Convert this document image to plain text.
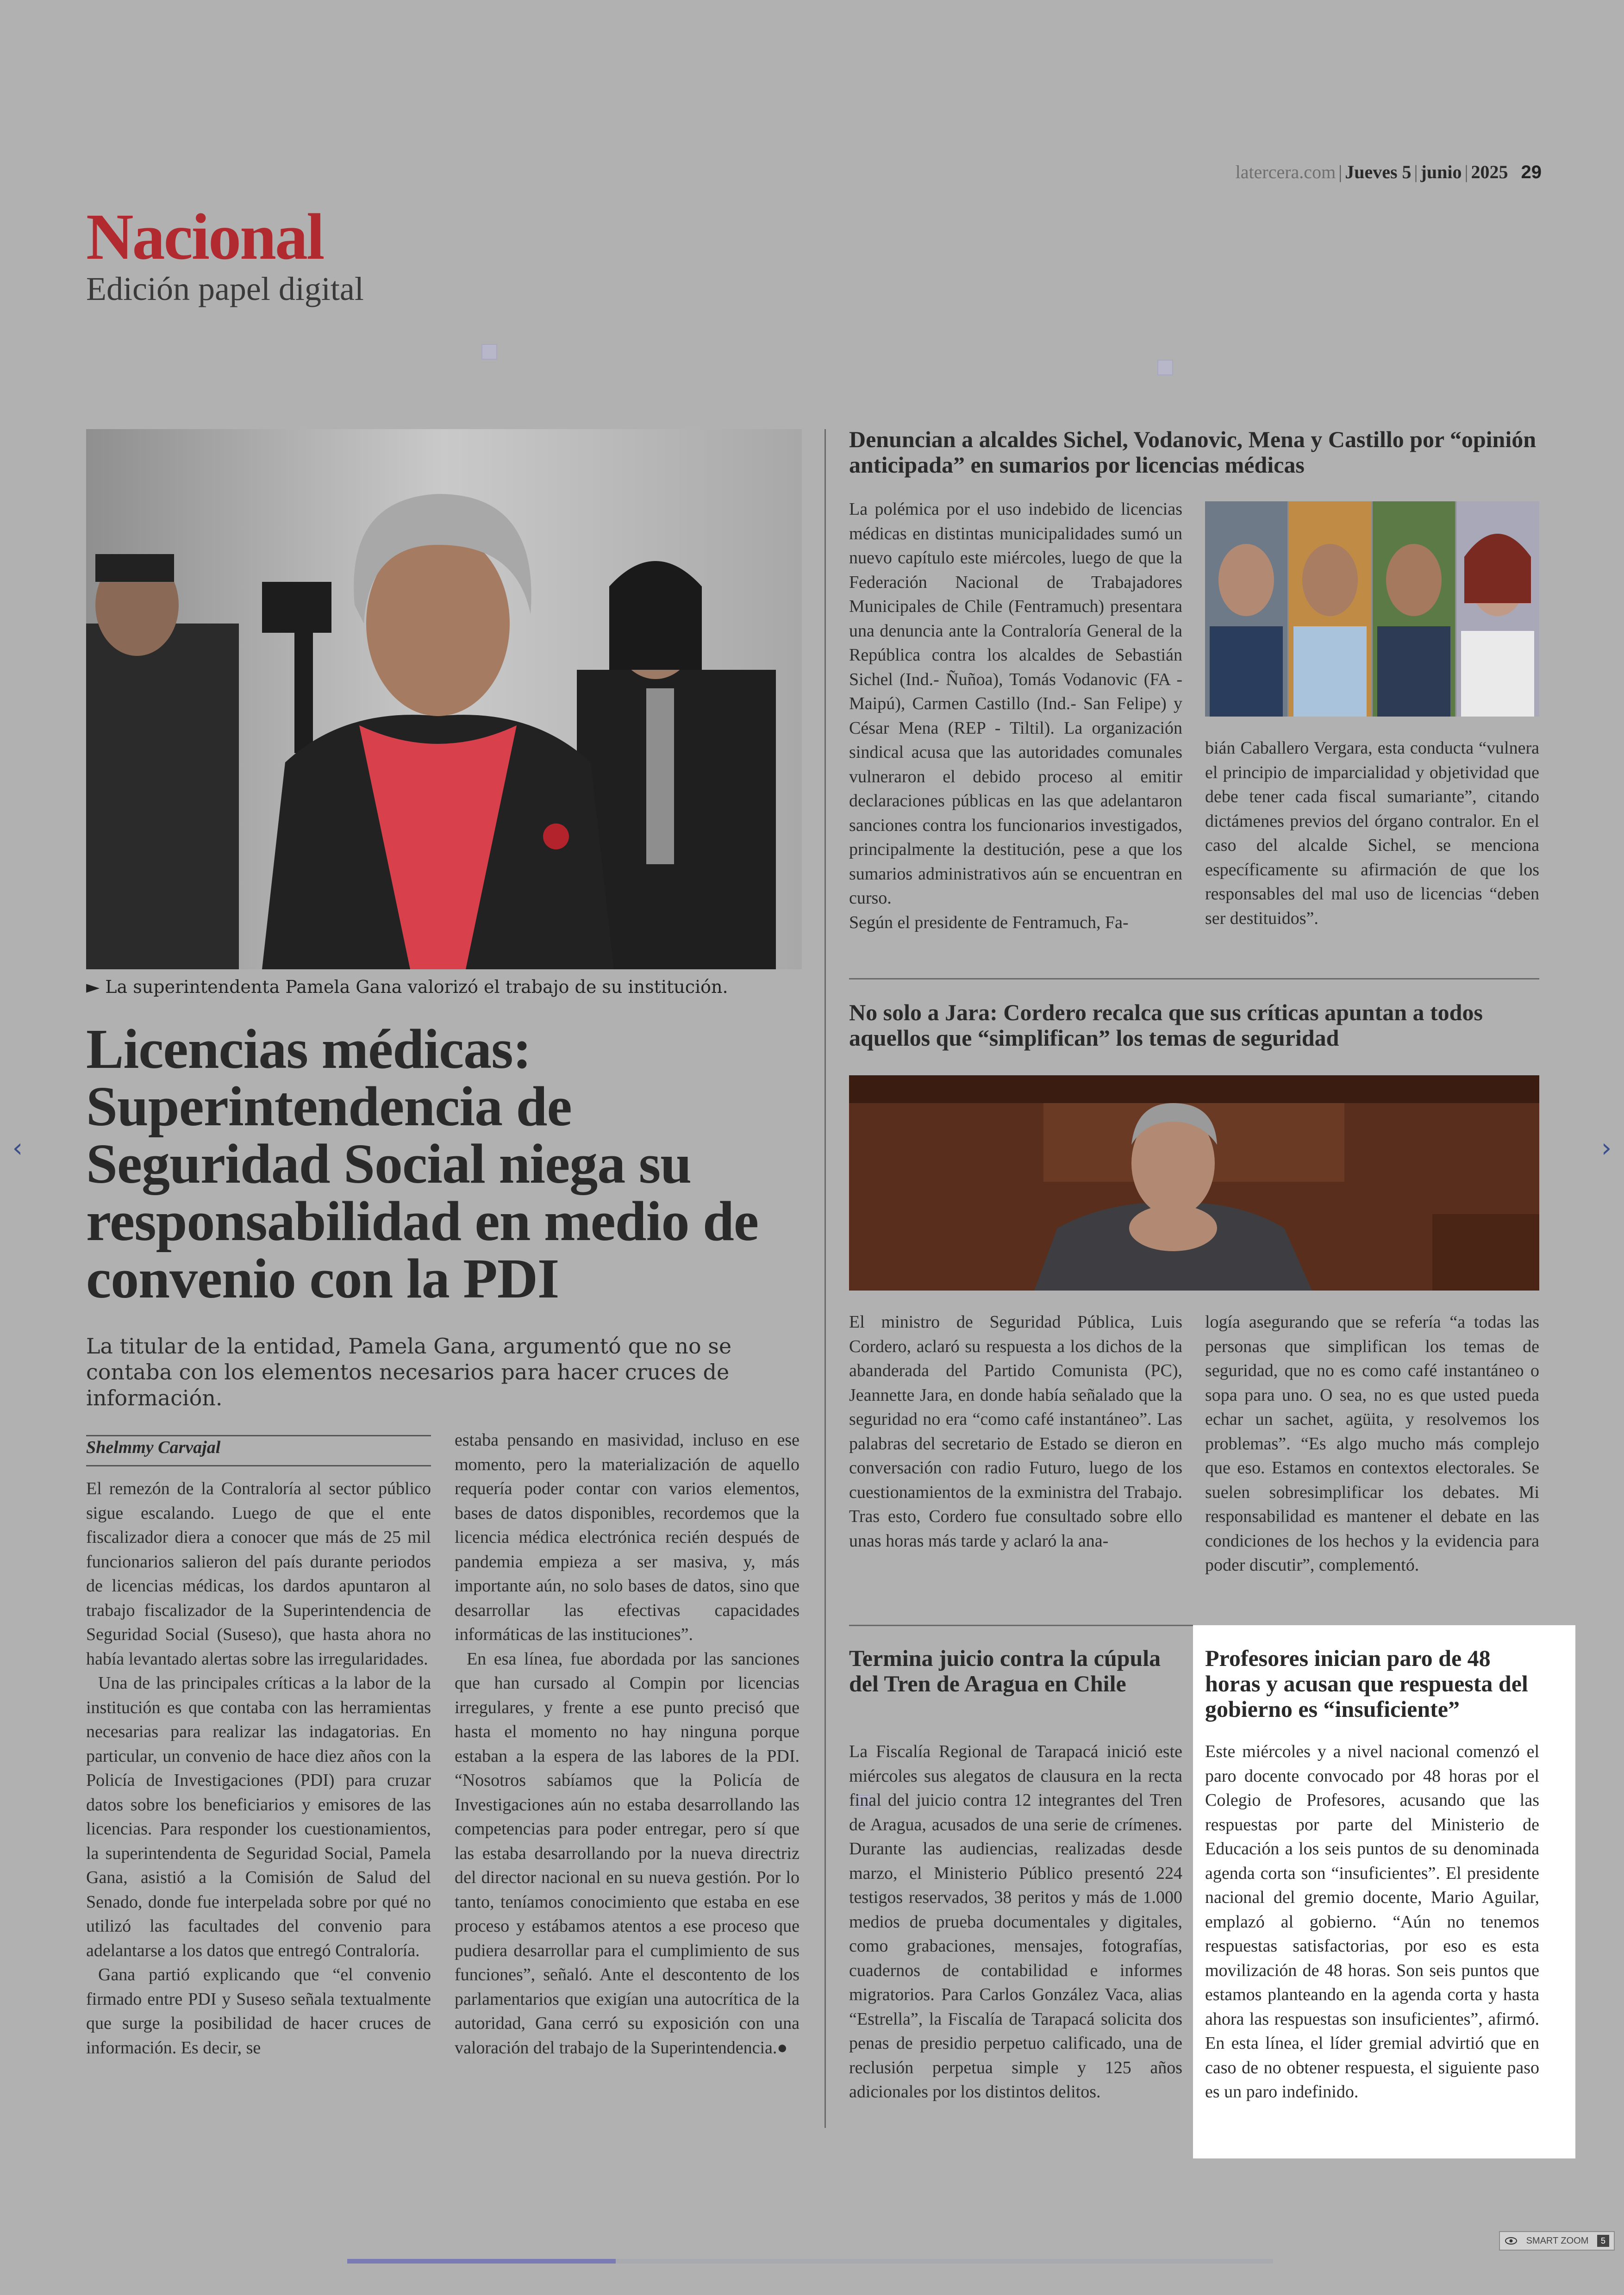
latercera.com | Jueves 5 | junio | 2025 29
Nacional
Edición papel digital
► La superintendenta Pamela Gana valorizó el trabajo de su institución.
Licencias médicas: Superintendencia de Seguridad Social niega su responsabilidad en medio de convenio con la PDI
La titular de la entidad, Pamela Gana, argumentó que no se contaba con los elementos necesarios para hacer cruces de información.
Shelmmy Carvajal

El remezón de la Contraloría al sector público sigue escalando. Luego de que el ente fiscalizador diera a conocer que más de 25 mil funcionarios salieron del país durante periodos de licencias médicas, los dardos apuntaron al trabajo fiscalizador de la Superintendencia de Seguridad Social (Suseso), que hasta ahora no había levantado alertas sobre las irregularidades.

Una de las principales críticas a la labor de la institución es que contaba con las herramientas necesarias para realizar las indagatorias. En particular, un convenio de hace diez años con la Policía de Investigaciones (PDI) para cruzar datos sobre los beneficiarios y emisores de las licencias. Para responder los cuestionamientos, la superintendenta de Seguridad Social, Pamela Gana, asistió a la Comisión de Salud del Senado, donde fue interpelada sobre por qué no utilizó las facultades del convenio para adelantarse a los datos que entregó Contraloría.

Gana partió explicando que “el convenio firmado entre PDI y Suseso señala textualmente que surge la posibilidad de hacer cruces de información. Es decir, se

estaba pensando en masividad, incluso en ese momento, pero la materialización de aquello requería poder contar con varios elementos, bases de datos disponibles, recordemos que la licencia médica electrónica recién después de pandemia empieza a ser masiva, y, más importante aún, no solo bases de datos, sino que desarrollar las efectivas capacidades informáticas de las instituciones”.

En esa línea, fue abordada por las sanciones que han cursado al Compin por licencias irregulares, y frente a ese punto precisó que hasta el momento no hay ninguna porque estaban a la espera de las labores de la PDI. “Nosotros sabíamos que la Policía de Investigaciones aún no estaba desarrollando las competencias para poder entregar, pero sí que las estaba desarrollando por la nueva directriz del director nacional en su nueva gestión. Por lo tanto, teníamos conocimiento que estaba en ese proceso y estábamos atentos a ese proceso que pudiera desarrollar para el cumplimiento de sus funciones”, señaló. Ante el descontento de los parlamentarios que exigían una autocrítica de la autoridad, Gana cerró su exposición con una valoración del trabajo de la Superintendencia.●

Denuncian a alcaldes Sichel, Vodanovic, Mena y Castillo por “opinión anticipada” en sumarios por licencias médicas

La polémica por el uso indebido de licencias médicas en distintas municipalidades sumó un nuevo capítulo este miércoles, luego de que la Federación Nacional de Trabajadores Municipales de Chile (Fentramuch) presentara una denuncia ante la Contraloría General de la República contra los alcaldes de Sebastián Sichel (Ind.- Ñuñoa), Tomás Vodanovic (FA - Maipú), Carmen Castillo (Ind.- San Felipe) y César Mena (REP - Tiltil). La organización sindical acusa que las autoridades comunales vulneraron el debido proceso al emitir declaraciones públicas en las que adelantaron sanciones contra los funcionarios investigados, principalmente la destitución, pese a que los sumarios administrativos aún se encuentran en curso.

Según el presidente de Fentramuch, Fa-

bián Caballero Vergara, esta conducta “vulnera el principio de imparcialidad y objetividad que debe tener cada fiscal sumariante”, citando dictámenes previos del órgano contralor. En el caso del alcalde Sichel, se menciona específicamente su afirmación de que los responsables del mal uso de licencias “deben ser destituidos”.

No solo a Jara: Cordero recalca que sus críticas apuntan a todos aquellos que “simplifican” los temas de seguridad

El ministro de Seguridad Pública, Luis Cordero, aclaró su respuesta a los dichos de la abanderada del Partido Comunista (PC), Jeannette Jara, en donde había señalado que la seguridad no era “como café instantáneo”. Las palabras del secretario de Estado se dieron en conversación con radio Futuro, luego de los cuestionamientos de la exministra del Trabajo. Tras esto, Cordero fue consultado sobre ello unas horas más tarde y aclaró la ana-

logía asegurando que se refería “a todas las personas que simplifican los temas de seguridad, que no es como café instantáneo o sopa para uno. O sea, no es que usted pueda echar un sachet, agüita, y resolvemos los problemas”. “Es algo mucho más complejo que eso. Estamos en contextos electorales. Se suelen sobresimplificar los debates. Mi responsabilidad es mantener el debate en las condiciones de los hechos y la evidencia para poder discutir”, complementó.

Termina juicio contra la cúpula del Tren de Aragua en Chile

La Fiscalía Regional de Tarapacá inició este miércoles sus alegatos de clausura en la recta final del juicio contra 12 integrantes del Tren de Aragua, acusados de una serie de crímenes. Durante las audiencias, realizadas desde marzo, el Ministerio Público presentó 224 testigos reservados, 38 peritos y más de 1.000 medios de prueba documentales y digitales, como grabaciones, mensajes, fotografías, cuadernos de contabilidad e informes migratorios. Para Carlos González Vaca, alias “Estrella”, la Fiscalía de Tarapacá solicita dos penas de presidio perpetuo calificado, una de reclusión perpetua simple y 125 años adicionales por los distintos delitos.

Profesores inician paro de 48 horas y acusan que respuesta del gobierno es “insuficiente”

Este miércoles y a nivel nacional comenzó el paro docente convocado por 48 horas por el Colegio de Profesores, acusando que las respuestas por parte del Ministerio de Educación a los seis puntos de su denominada agenda corta son “insuficientes”. El presidente nacional del gremio docente, Mario Aguilar, emplazó al gobierno. “Aún no tenemos respuestas satisfactorias, por eso es esta movilización de 48 horas. Son seis puntos que estamos planteando en la agenda corta y hasta ahora las respuestas son insuficientes”, afirmó. En esta línea, el líder gremial advirtió que en caso de no obtener respuesta, el siguiente paso es un paro indefinido.

‹	›
SMART ZOOM	5
